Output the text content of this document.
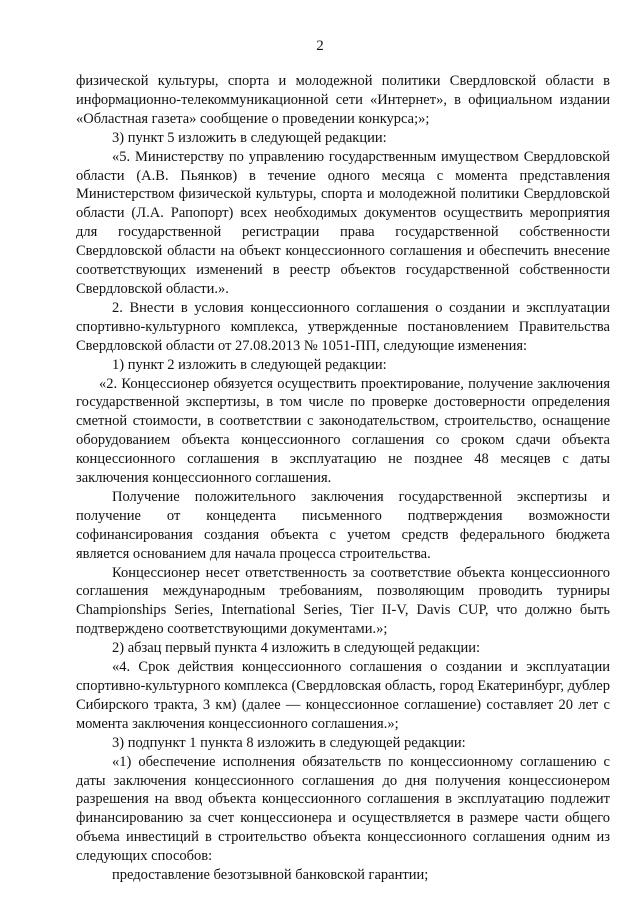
2

физической культуры, спорта и молодежной политики Свердловской области в информационно-телекоммуникационной сети «Интернет», в официальном издании «Областная газета» сообщение о проведении конкурса;»;

3) пункт 5 изложить в следующей редакции:

«5. Министерству по управлению государственным имуществом Свердловской области (А.В. Пьянков) в течение одного месяца с момента представления Министерством физической культуры, спорта и молодежной политики Свердловской области (Л.А. Рапопорт) всех необходимых документов осуществить мероприятия для государственной регистрации права государственной собственности Свердловской области на объект концессионного соглашения и обеспечить внесение соответствующих изменений в реестр объектов государственной собственности Свердловской области.».

2. Внести в условия концессионного соглашения о создании и эксплуатации спортивно-культурного комплекса, утвержденные постановлением Правительства Свердловской области от 27.08.2013 № 1051-ПП, следующие изменения:

1) пункт 2 изложить в следующей редакции:

«2. Концессионер обязуется осуществить проектирование, получение заключения государственной экспертизы, в том числе по проверке достоверности определения сметной стоимости, в соответствии с законодательством, строительство, оснащение оборудованием объекта концессионного соглашения со сроком сдачи объекта концессионного соглашения в эксплуатацию не позднее 48 месяцев с даты заключения концессионного соглашения.

Получение положительного заключения государственной экспертизы и получение от концедента письменного подтверждения возможности софинансирования создания объекта с учетом средств федерального бюджета является основанием для начала процесса строительства.

Концессионер несет ответственность за соответствие объекта концессионного соглашения международным требованиям, позволяющим проводить турниры Championships Series, International Series, Tier II-V, Davis CUP, что должно быть подтверждено соответствующими документами.»;

2) абзац первый пункта 4 изложить в следующей редакции:

«4. Срок действия концессионного соглашения о создании и эксплуатации спортивно-культурного комплекса (Свердловская область, город Екатеринбург, дублер Сибирского тракта, 3 км) (далее — концессионное соглашение) составляет 20 лет с момента заключения концессионного соглашения.»;

3) подпункт 1 пункта 8 изложить в следующей редакции:

«1) обеспечение исполнения обязательств по концессионному соглашению с даты заключения концессионного соглашения до дня получения концессионером разрешения на ввод объекта концессионного соглашения в эксплуатацию подлежит финансированию за счет концессионера и осуществляется в размере части общего объема инвестиций в строительство объекта концессионного соглашения одним из следующих способов:

предоставление безотзывной банковской гарантии;
